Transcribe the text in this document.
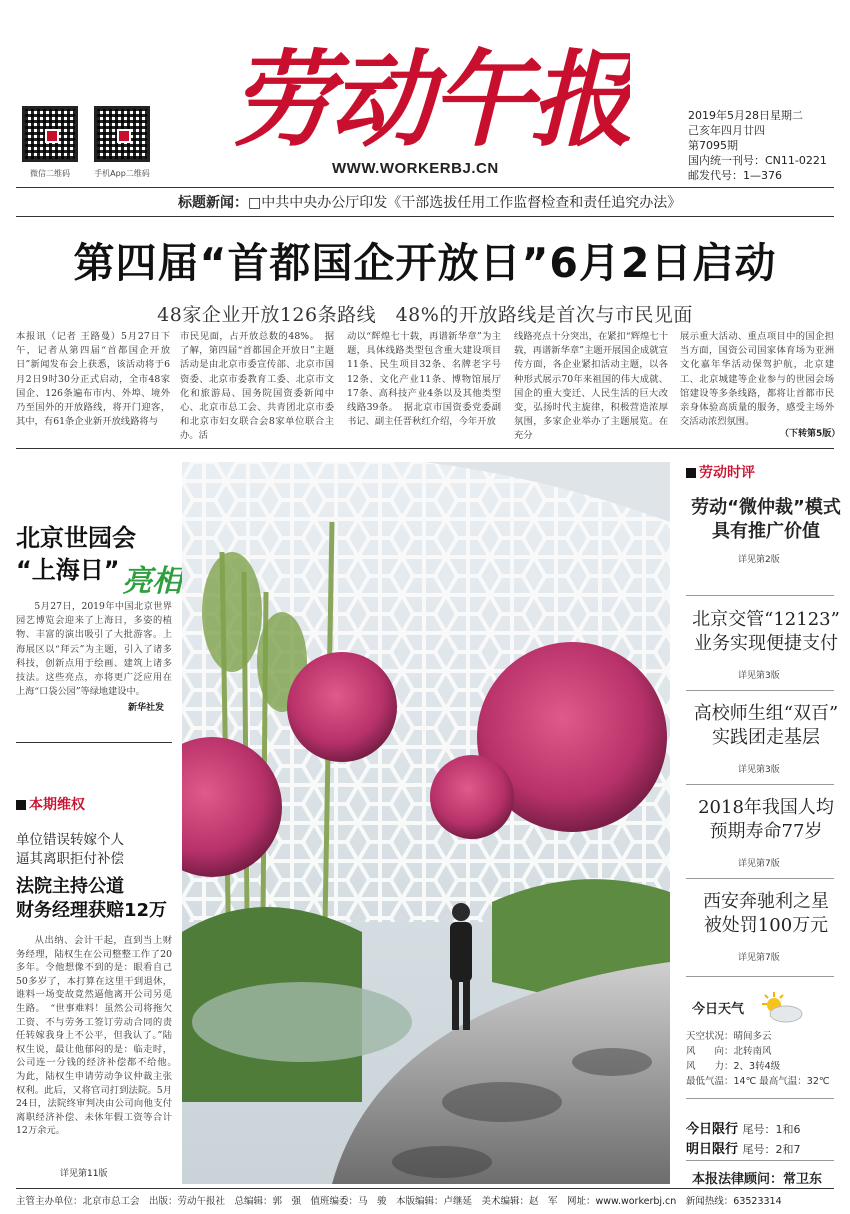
微信二维码	手机App二维码
劳动午报
WWW.WORKERBJ.CN
2019年5月28日星期二
己亥年四月廿四
第7095期
国内统一刊号：CN11-0221
邮发代号：1—376
标题新闻：□中共中央办公厅印发《干部选拔任用工作监督检查和责任追究办法》
第四届“首都国企开放日”6月2日启动
48家企业开放126条路线　48%的开放路线是首次与市民见面
本报讯（记者 王路曼）5月27日下午，记者从第四届“首都国企开放日”新闻发布会上获悉，该活动将于6月2日9时30分正式启动，全市48家国企、126条遍布市内、外埠、境外乃至国外的开放路线，将开门迎客，其中，有61条企业新开放线路将与
市民见面，占开放总数的48%。　据了解，第四届“首都国企开放日”主题活动是由北京市委宣传部、北京市国资委、北京市委教育工委、北京市文化和旅游局、国务院国资委新闻中心、北京市总工会、共青团北京市委和北京市妇女联合会8家单位联合主办。活
动以“辉煌七十载，再谱新华章”为主题，具体线路类型包含重大建设项目11条、民生项目32条、名牌老字号12条、文化产业11条、博物馆展厅17条、高科技产业4条以及其他类型线路39条。　据北京市国资委党委副书记、副主任晋秋红介绍，今年开放
线路亮点十分突出，在紧扣“辉煌七十载，再谱新华章”主题开展国企成就宣传方面，各企业紧扣活动主题，以各种形式展示70年来祖国的伟大成就、国企的重大变迁、人民生活的巨大改变，弘扬时代主旋律，积极营造浓厚氛围，多家企业举办了主题展览。在充分
展示重大活动、重点项目中的国企担当方面，国资公司国家体育场为亚洲文化嘉年华活动保驾护航，北京建工、北京城建等企业参与的世园会场馆建设等多条线路，都将让首都市民亲身体验高质量的服务，感受主场外交活动浓烈氛围。
（下转第5版）
北京世园会
“上海日” 亮相
5月27日，2019年中国北京世界园艺博览会迎来了上海日，多姿的植物、丰富的演出吸引了大批游客。上海展区以“拜云”为主题，引入了诸多科技，创新点用于绘画、建筑上诸多技法。这些亮点，亦将更广泛应用在上海“口袋公园”等绿地建设中。
新华社发
本期维权
单位错误转嫁个人
逼其离职拒付补偿
法院主持公道
财务经理获赔12万
从出纳、会计干起，直到当上财务经理，陆权生在公司整整工作了20多年。令他想像不到的是：眼看自己50多岁了，本打算在这里干到退休，谁料一场变故竟然逼他离开公司另觅生路。　“世事难料！虽然公司将拖欠工资、不与劳务工签订劳动合同的责任转嫁我身上不公平，但我认了。”陆权生说，最让他郁闷的是：临走时，公司连一分钱的经济补偿都不给他。　为此，陆权生申请劳动争议仲裁主张权利。此后，又将官司打到法院。5月24日，法院终审判决由公司向他支付离职经济补偿、未休年假工资等合计12万余元。
详见第11版
劳动时评
劳动“微仲裁”模式
具有推广价值
详见第2版
北京交管“12123”
业务实现便捷支付
详见第3版
高校师生组“双百”
实践团走基层
详见第3版
2018年我国人均
预期寿命77岁
详见第7版
西安奔驰利之星
被处罚100万元
详见第7版
今日天气
天空状况：晴间多云
风　　向：北转南风
风　　力：2、3转4级
最低气温：14℃ 最高气温：32℃
今日限行 尾号：1和6
明日限行 尾号：2和7
本报法律顾问：常卫东
主管主办单位：北京市总工会　出版：劳动午报社　总编辑：郭　强　值班编委：马　骏　本版编辑：卢继延　美术编辑：赵　军　网址：www.workerbj.cn　新闻热线：63523314
